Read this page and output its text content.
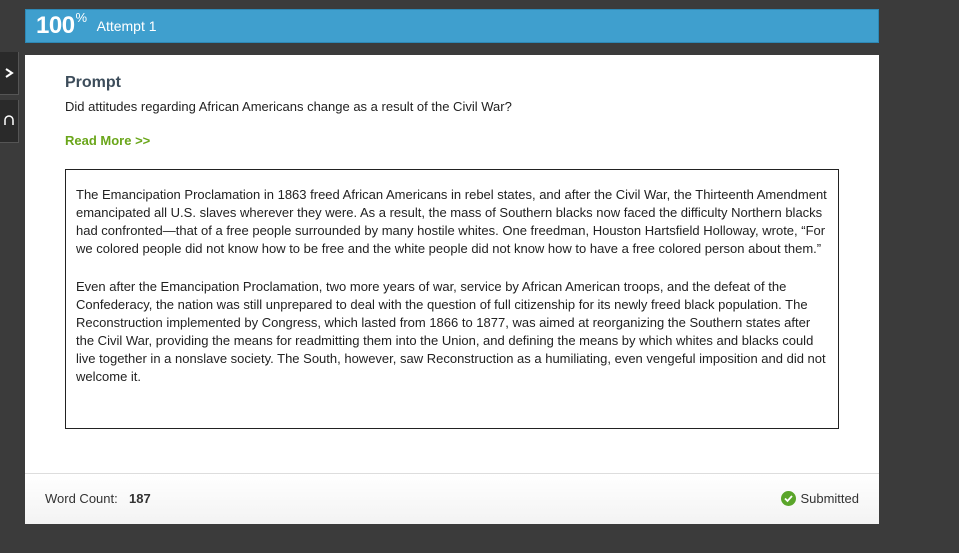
100%
Attempt 1
Prompt
Did attitudes regarding African Americans change as a result of the Civil War?
Read More >>

The Emancipation Proclamation in 1863 freed African Americans in rebel states, and after the Civil War, the Thirteenth Amendment emancipated all U.S. slaves wherever they were. As a result, the mass of Southern blacks now faced the difficulty Northern blacks had confronted—that of a free people surrounded by many hostile whites. One freedman, Houston Hartsfield Holloway, wrote, “For we colored people did not know how to be free and the white people did not know how to have a free colored person about them.”

Even after the Emancipation Proclamation, two more years of war, service by African American troops, and the defeat of the Confederacy, the nation was still unprepared to deal with the question of full citizenship for its newly freed black population. The Reconstruction implemented by Congress, which lasted from 1866 to 1877, was aimed at reorganizing the Southern states after the Civil War, providing the means for readmitting them into the Union, and defining the means by which whites and blacks could live together in a nonslave society. The South, however, saw Reconstruction as a humiliating, even vengeful imposition and did not welcome it.

Word Count: 187	Submitted
